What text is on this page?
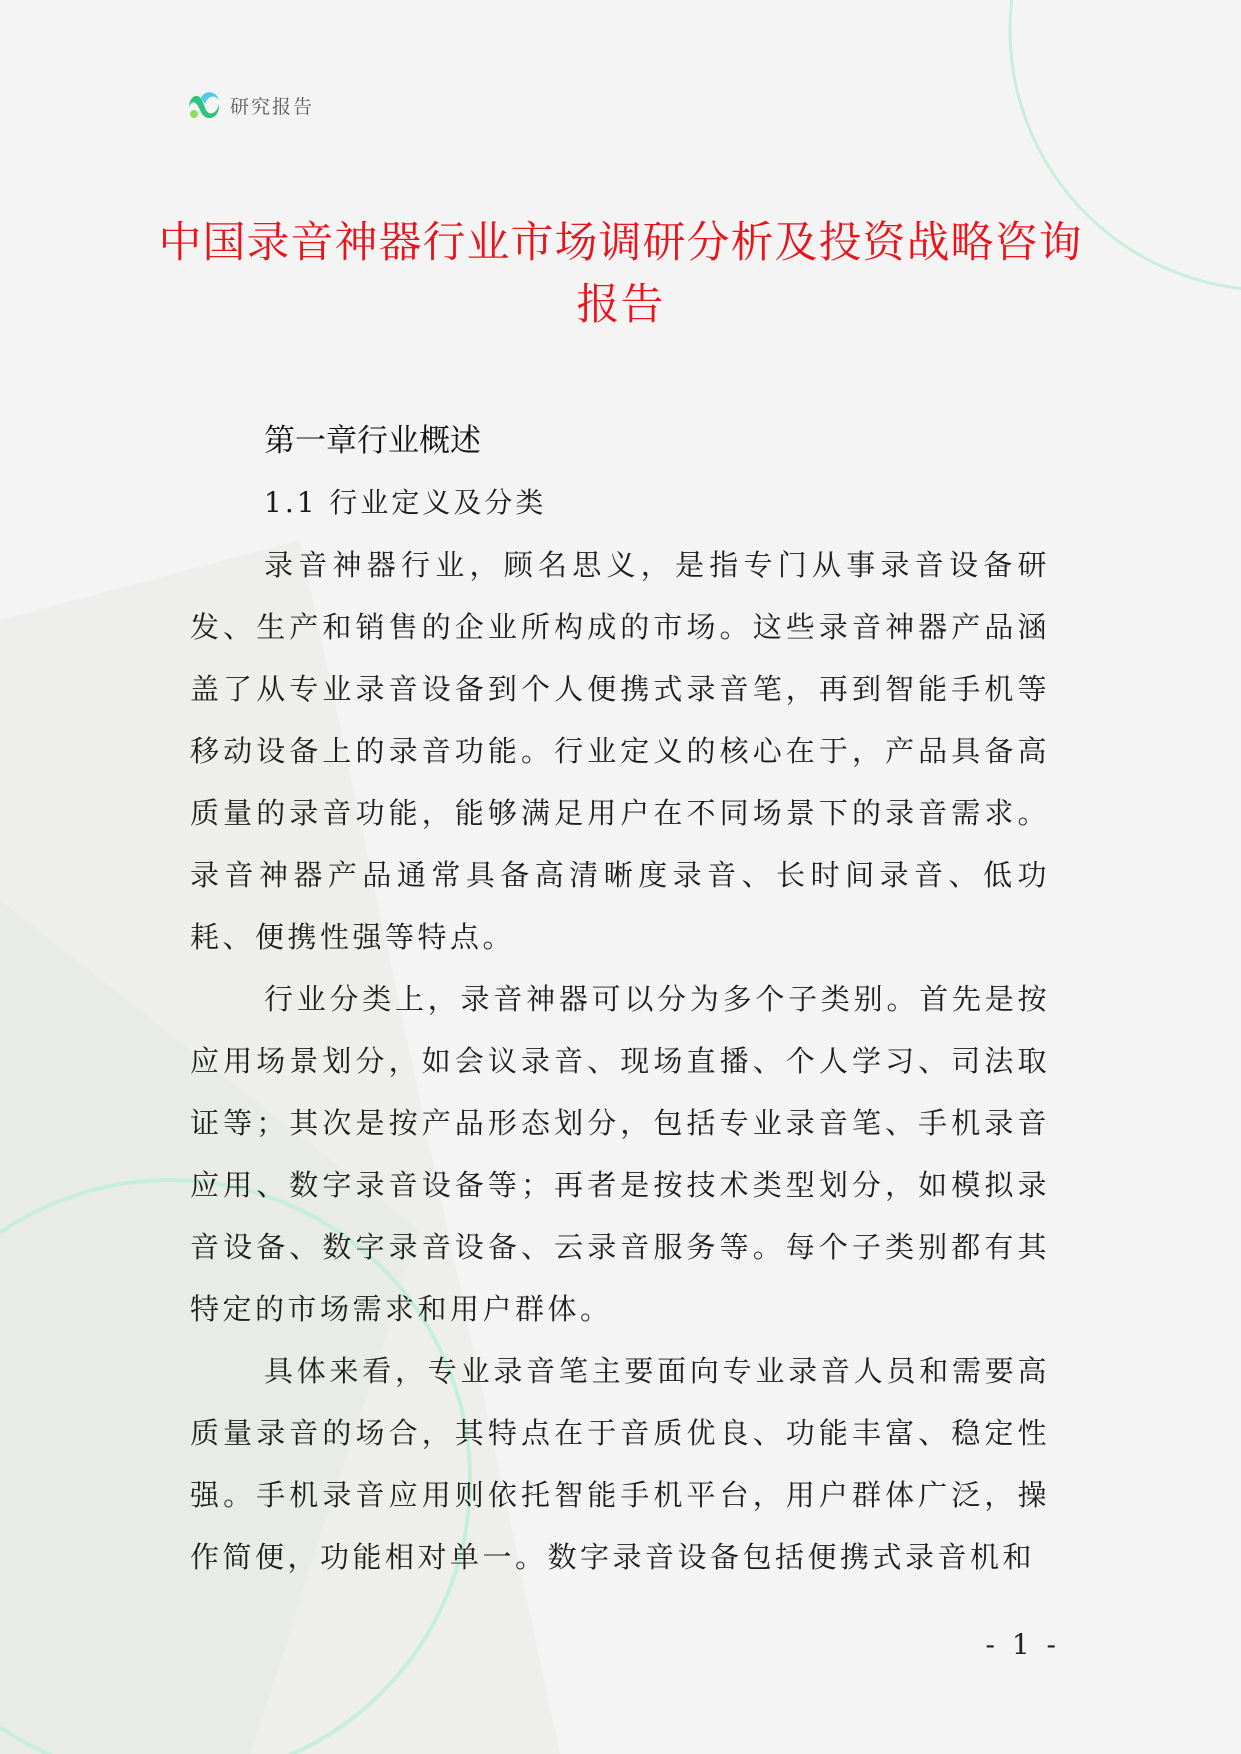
研究报告
中国录音神器行业市场调研分析及投资战略咨询报告
第一章行业概述
1.1 行业定义及分类

录音神器行业，顾名思义，是指专门从事录音设备研发、生产和销售的企业所构成的市场。这些录音神器产品涵盖了从专业录音设备到个人便携式录音笔，再到智能手机等移动设备上的录音功能。行业定义的核心在于，产品具备高质量的录音功能，能够满足用户在不同场景下的录音需求。录音神器产品通常具备高清晰度录音、长时间录音、低功耗、便携性强等特点。

行业分类上，录音神器可以分为多个子类别。首先是按应用场景划分，如会议录音、现场直播、个人学习、司法取证等；其次是按产品形态划分，包括专业录音笔、手机录音应用、数字录音设备等；再者是按技术类型划分，如模拟录音设备、数字录音设备、云录音服务等。每个子类别都有其特定的市场需求和用户群体。

具体来看，专业录音笔主要面向专业录音人员和需要高质量录音的场合，其特点在于音质优良、功能丰富、稳定性强。手机录音应用则依托智能手机平台，用户群体广泛，操作简便，功能相对单一。数字录音设备包括便携式录音机和

- 1 -
